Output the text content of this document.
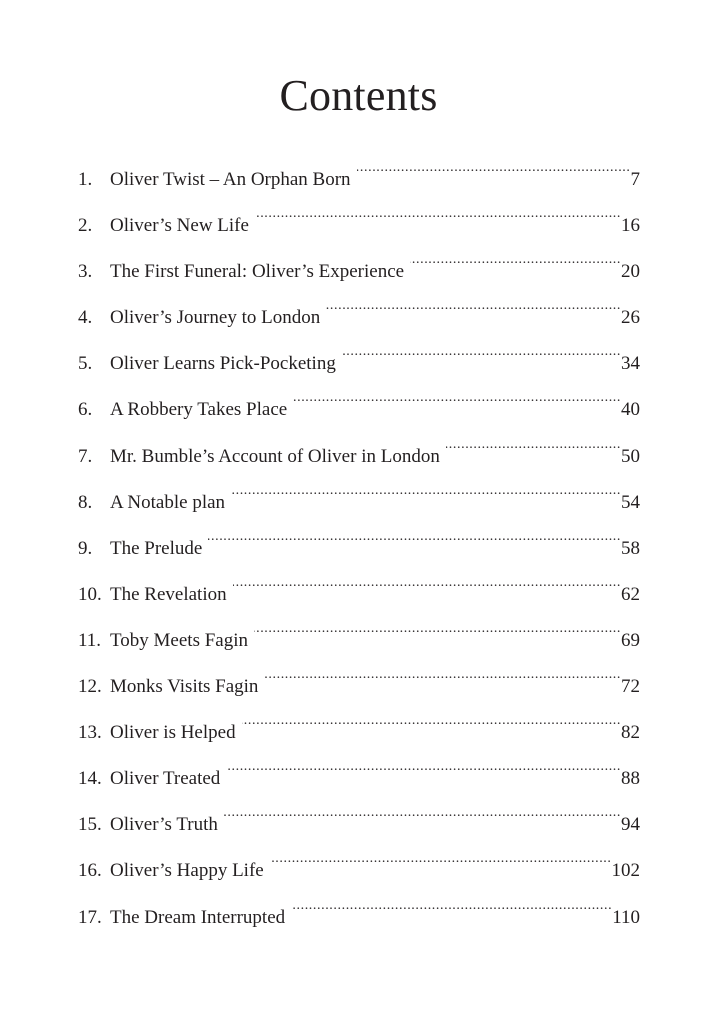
Contents
1. Oliver Twist – An Orphan Born .....	7
2. Oliver’s New Life .....	16
3. The First Funeral: Oliver’s Experience .....	20
4. Oliver’s Journey to London .....	26
5. Oliver Learns Pick-Pocketing .....	34
6. A Robbery Takes Place .....	40
7. Mr. Bumble’s Account of Oliver in London .....	50
8. A Notable plan .....	54
9. The Prelude .....	58
10. The Revelation .....	62
11. Toby Meets Fagin .....	69
12. Monks Visits Fagin .....	72
13. Oliver is Helped .....	82
14. Oliver Treated .....	88
15. Oliver’s Truth .....	94
16. Oliver’s Happy Life .....	102
17. The Dream Interrupted .....	110
